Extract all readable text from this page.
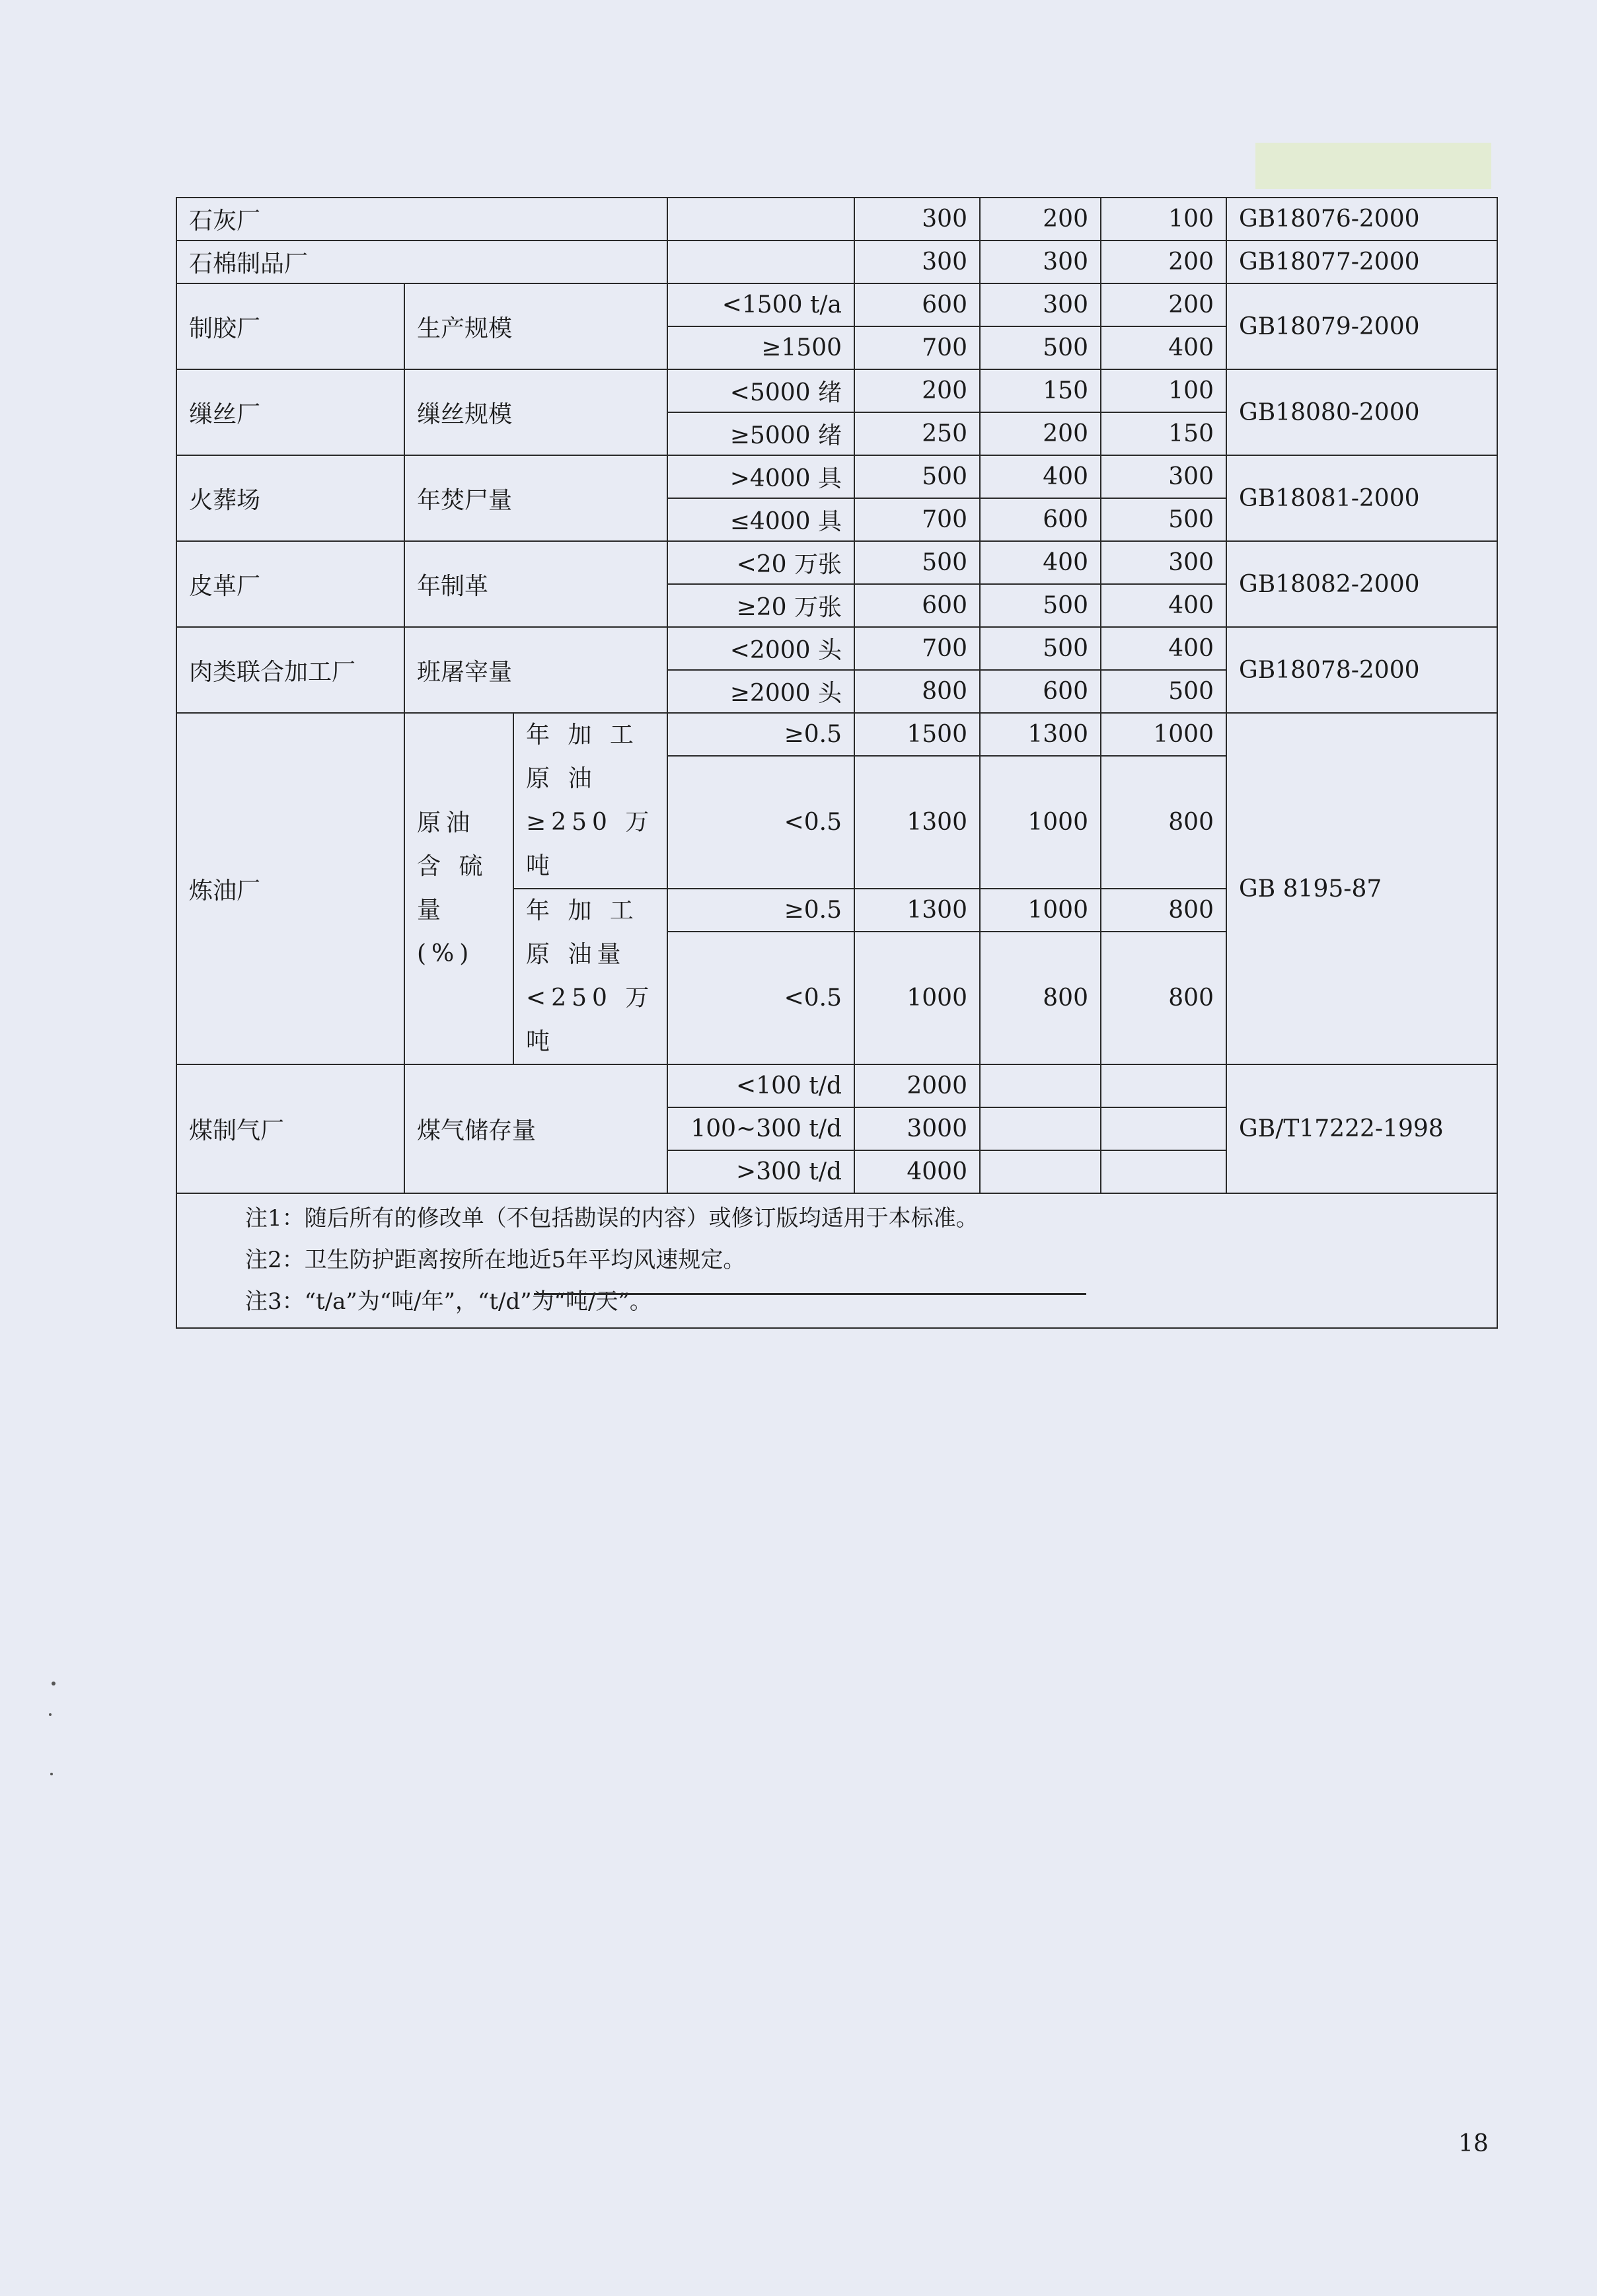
石灰厂				300	200	100	GB18076-2000
石棉制品厂				300	300	200	GB18077-2000
制胶厂	生产规模		<1500 t/a	600	300	200	GB18079-2000
			≥1500	700	500	400	
缫丝厂	缫丝规模		<5000 绪	200	150	100	GB18080-2000
			≥5000 绪	250	200	150	
火葬场	年焚尸量		>4000 具	500	400	300	GB18081-2000
			≤4000 具	700	600	500	
皮革厂	年制革		<20 万张	500	400	300	GB18082-2000
			≥20 万张	600	500	400	
肉类联合加工厂	班屠宰量		<2000 头	700	500	400	GB18078-2000
			≥2000 头	800	600	500	
炼油厂	原油含 硫 量 (%)	年 加 工 原 油≥250 万吨	≥0.5	1500	1300	1000	GB 8195-87
			<0.5	1300	1000	800	

		年 加 工 原 油量<250 万吨	≥0.5	1300	1000	800	
			<0.5	1000	800	800	

煤制气厂	煤气储存量		<100 t/d	2000			GB/T17222-1998
			100~300 t/d	3000			
			>300 t/d	4000			

注1：随后所有的修改单（不包括勘误的内容）或修订版均适用于本标准。

注2：卫生防护距离按所在地近5年平均风速规定。

注3：“t/a”为“吨/年”，“t/d”为“吨/天”。							

18
